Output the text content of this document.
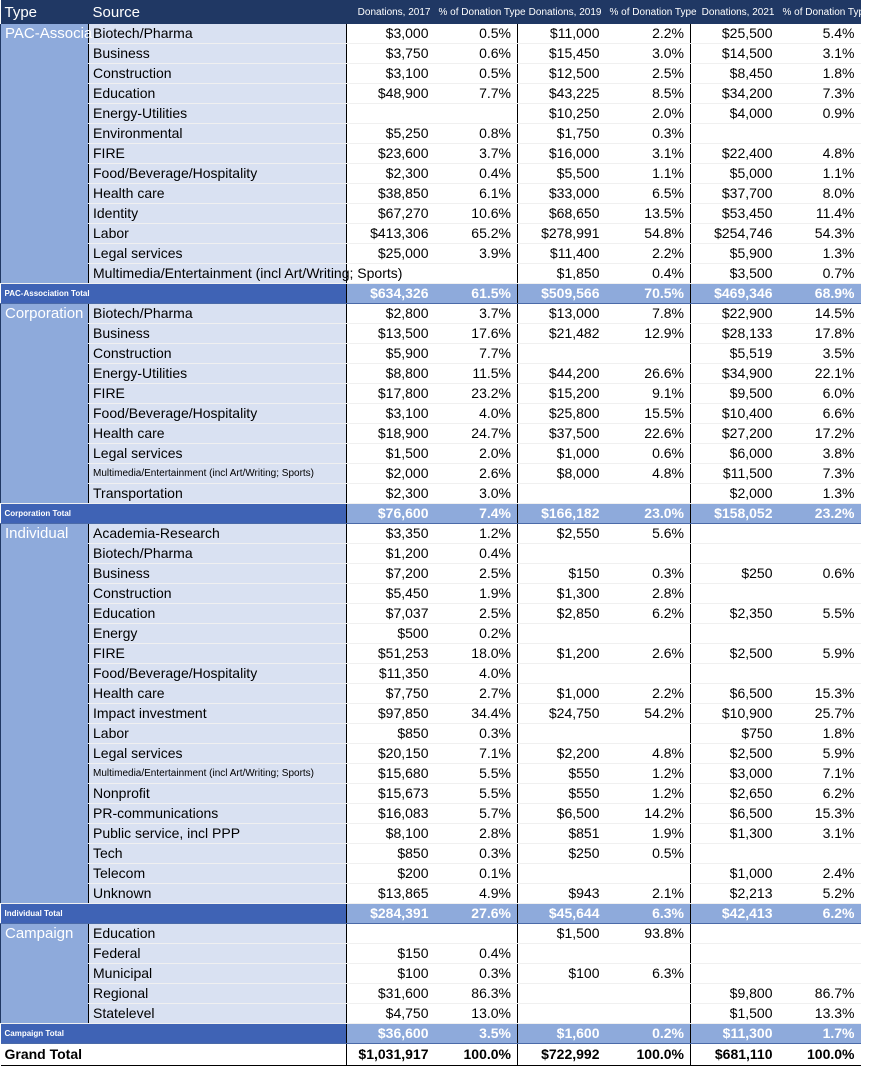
Type	Source	Donations, 2017	% of Donation Type	Donations, 2019	% of Donation Type	Donations, 2021	% of Donation Type
PAC-Associa	Biotech/Pharma	$3,000	0.5%	$11,000	2.2%	$25,500	5.4%
	Business	$3,750	0.6%	$15,450	3.0%	$14,500	3.1%
	Construction	$3,100	0.5%	$12,500	2.5%	$8,450	1.8%
	Education	$48,900	7.7%	$43,225	8.5%	$34,200	7.3%
	Energy-Utilities			$10,250	2.0%	$4,000	0.9%
	Environmental	$5,250	0.8%	$1,750	0.3%		
	FIRE	$23,600	3.7%	$16,000	3.1%	$22,400	4.8%
	Food/Beverage/Hospitality	$2,300	0.4%	$5,500	1.1%	$5,000	1.1%
	Health care	$38,850	6.1%	$33,000	6.5%	$37,700	8.0%
	Identity	$67,270	10.6%	$68,650	13.5%	$53,450	11.4%
	Labor	$413,306	65.2%	$278,991	54.8%	$254,746	54.3%
	Legal services	$25,000	3.9%	$11,400	2.2%	$5,900	1.3%
	Multimedia/Entertainment (incl Art/Writing; Sports)			$1,850	0.4%	$3,500	0.7%
PAC-Association Total		$634,326	61.5%	$509,566	70.5%	$469,346	68.9%
Corporation	Biotech/Pharma	$2,800	3.7%	$13,000	7.8%	$22,900	14.5%
	Business	$13,500	17.6%	$21,482	12.9%	$28,133	17.8%
	Construction	$5,900	7.7%			$5,519	3.5%
	Energy-Utilities	$8,800	11.5%	$44,200	26.6%	$34,900	22.1%
	FIRE	$17,800	23.2%	$15,200	9.1%	$9,500	6.0%
	Food/Beverage/Hospitality	$3,100	4.0%	$25,800	15.5%	$10,400	6.6%
	Health care	$18,900	24.7%	$37,500	22.6%	$27,200	17.2%
	Legal services	$1,500	2.0%	$1,000	0.6%	$6,000	3.8%
	Multimedia/Entertainment (incl Art/Writing; Sports)	$2,000	2.6%	$8,000	4.8%	$11,500	7.3%
	Transportation	$2,300	3.0%			$2,000	1.3%
Corporation Total		$76,600	7.4%	$166,182	23.0%	$158,052	23.2%
Individual	Academia-Research	$3,350	1.2%	$2,550	5.6%		
	Biotech/Pharma	$1,200	0.4%				
	Business	$7,200	2.5%	$150	0.3%	$250	0.6%
	Construction	$5,450	1.9%	$1,300	2.8%		
	Education	$7,037	2.5%	$2,850	6.2%	$2,350	5.5%
	Energy	$500	0.2%				
	FIRE	$51,253	18.0%	$1,200	2.6%	$2,500	5.9%
	Food/Beverage/Hospitality	$11,350	4.0%				
	Health care	$7,750	2.7%	$1,000	2.2%	$6,500	15.3%
	Impact investment	$97,850	34.4%	$24,750	54.2%	$10,900	25.7%
	Labor	$850	0.3%			$750	1.8%
	Legal services	$20,150	7.1%	$2,200	4.8%	$2,500	5.9%
	Multimedia/Entertainment (incl Art/Writing; Sports)	$15,680	5.5%	$550	1.2%	$3,000	7.1%
	Nonprofit	$15,673	5.5%	$550	1.2%	$2,650	6.2%
	PR-communications	$16,083	5.7%	$6,500	14.2%	$6,500	15.3%
	Public service, incl PPP	$8,100	2.8%	$851	1.9%	$1,300	3.1%
	Tech	$850	0.3%	$250	0.5%		
	Telecom	$200	0.1%			$1,000	2.4%
	Unknown	$13,865	4.9%	$943	2.1%	$2,213	5.2%
Individual Total		$284,391	27.6%	$45,644	6.3%	$42,413	6.2%
Campaign	Education			$1,500	93.8%		
	Federal	$150	0.4%				
	Municipal	$100	0.3%	$100	6.3%		
	Regional	$31,600	86.3%			$9,800	86.7%
	Statelevel	$4,750	13.0%			$1,500	13.3%
Campaign Total		$36,600	3.5%	$1,600	0.2%	$11,300	1.7%
Grand Total		$1,031,917	100.0%	$722,992	100.0%	$681,110	100.0%
